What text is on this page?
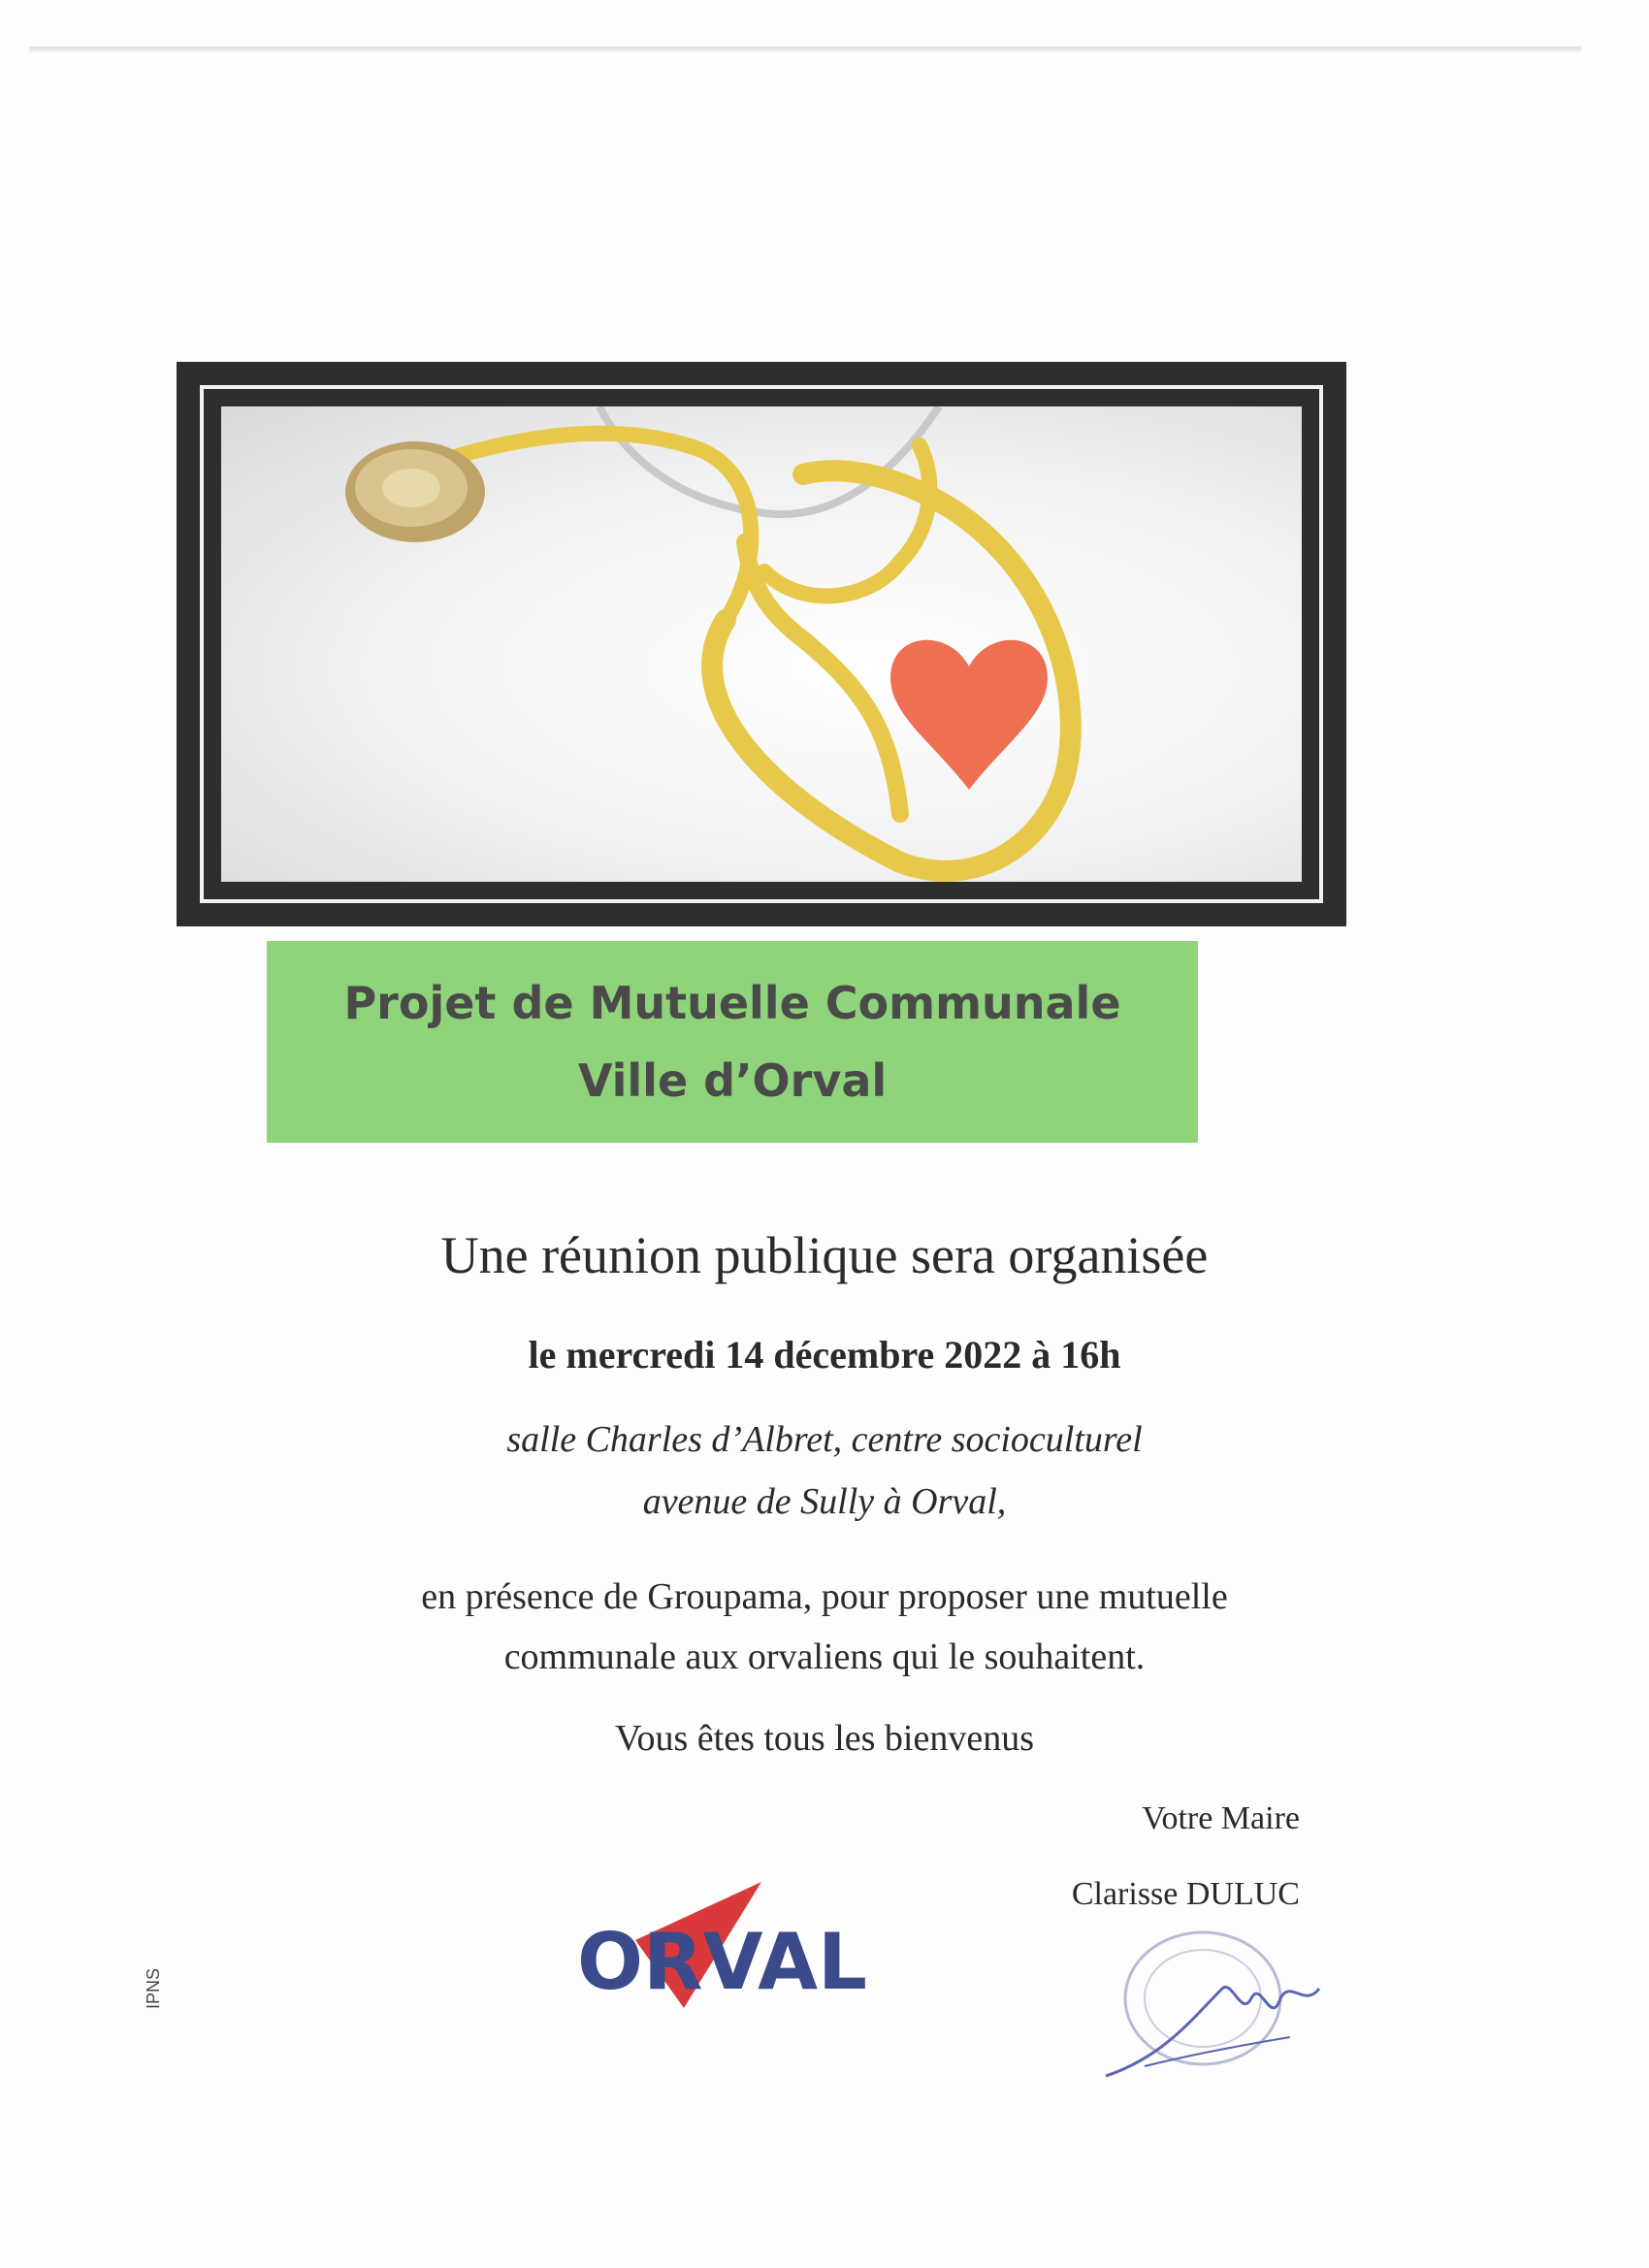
Projet de Mutuelle Communale
Ville d’Orval
Une réunion publique sera organisée
le mercredi 14 décembre 2022 à 16h
salle Charles d’Albret, centre socioculturel
avenue de Sully à Orval,
en présence de Groupama, pour proposer une mutuelle
communale aux orvaliens qui le souhaitent.
Vous êtes tous les bienvenus
Votre Maire
Clarisse DULUC
ORVAL
IPNS
